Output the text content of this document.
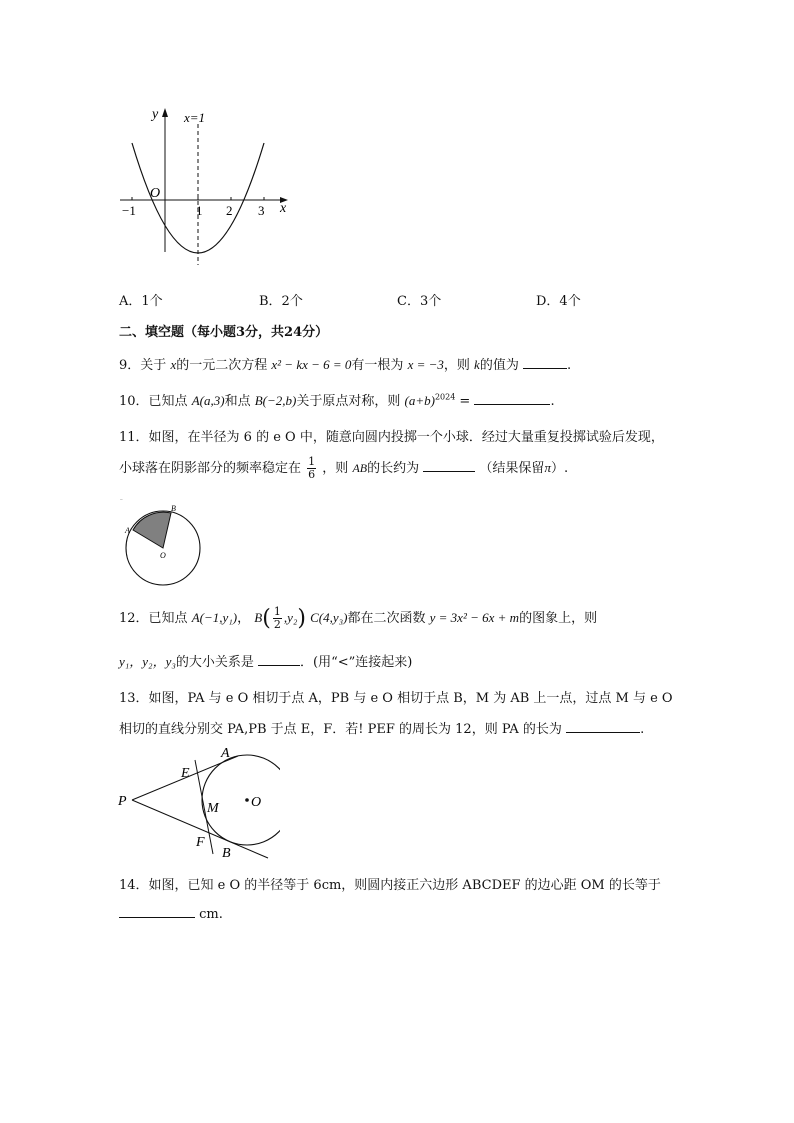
y x=1
x
O
−1	1 2 3
A．1个	B．2个	C．3个	D．4个
二、填空题（每小题3分，共24分）
9．关于 x的一元二次方程 x² − kx − 6 = 0有一根为 x = −3，则 k的值为	.
10．已知点 A(a,3)和点 B(−2,b)关于原点对称，则 $(a+b)^{2024}$ =	.
11．如图，在半径为 6 的 e O 中，随意向圆内投掷一个小球．经过大量重复投掷试验后发现，
小球落在阴影部分的频率稳定在 $\frac{1}{6}$ ，则 AB的长约为	（结果保留π）.
ˉ
A
B
O
12．已知点 A(−1,y₁)， $B( \frac{1}{2} ,y_2)$ C(4,y₃)都在二次函数 y = 3x² − 6x + m的图象上，则
y₁，y₂，y₃的大小关系是	．(用“<”连接起来)
13．如图，PA 与 e O 相切于点 A，PB 与 e O 相切于点 B，M 为 AB 上一点，过点 M 与 e O
相切的直线分别交 PA,PB 于点 E，F．若! PEF 的周长为 12，则 PA 的长为	.
P
A
E
M O
F
B
14．如图，已知 e O 的半径等于 6cm，则圆内接正六边形 ABCDEF 的边心距 OM 的长等于
cm.
